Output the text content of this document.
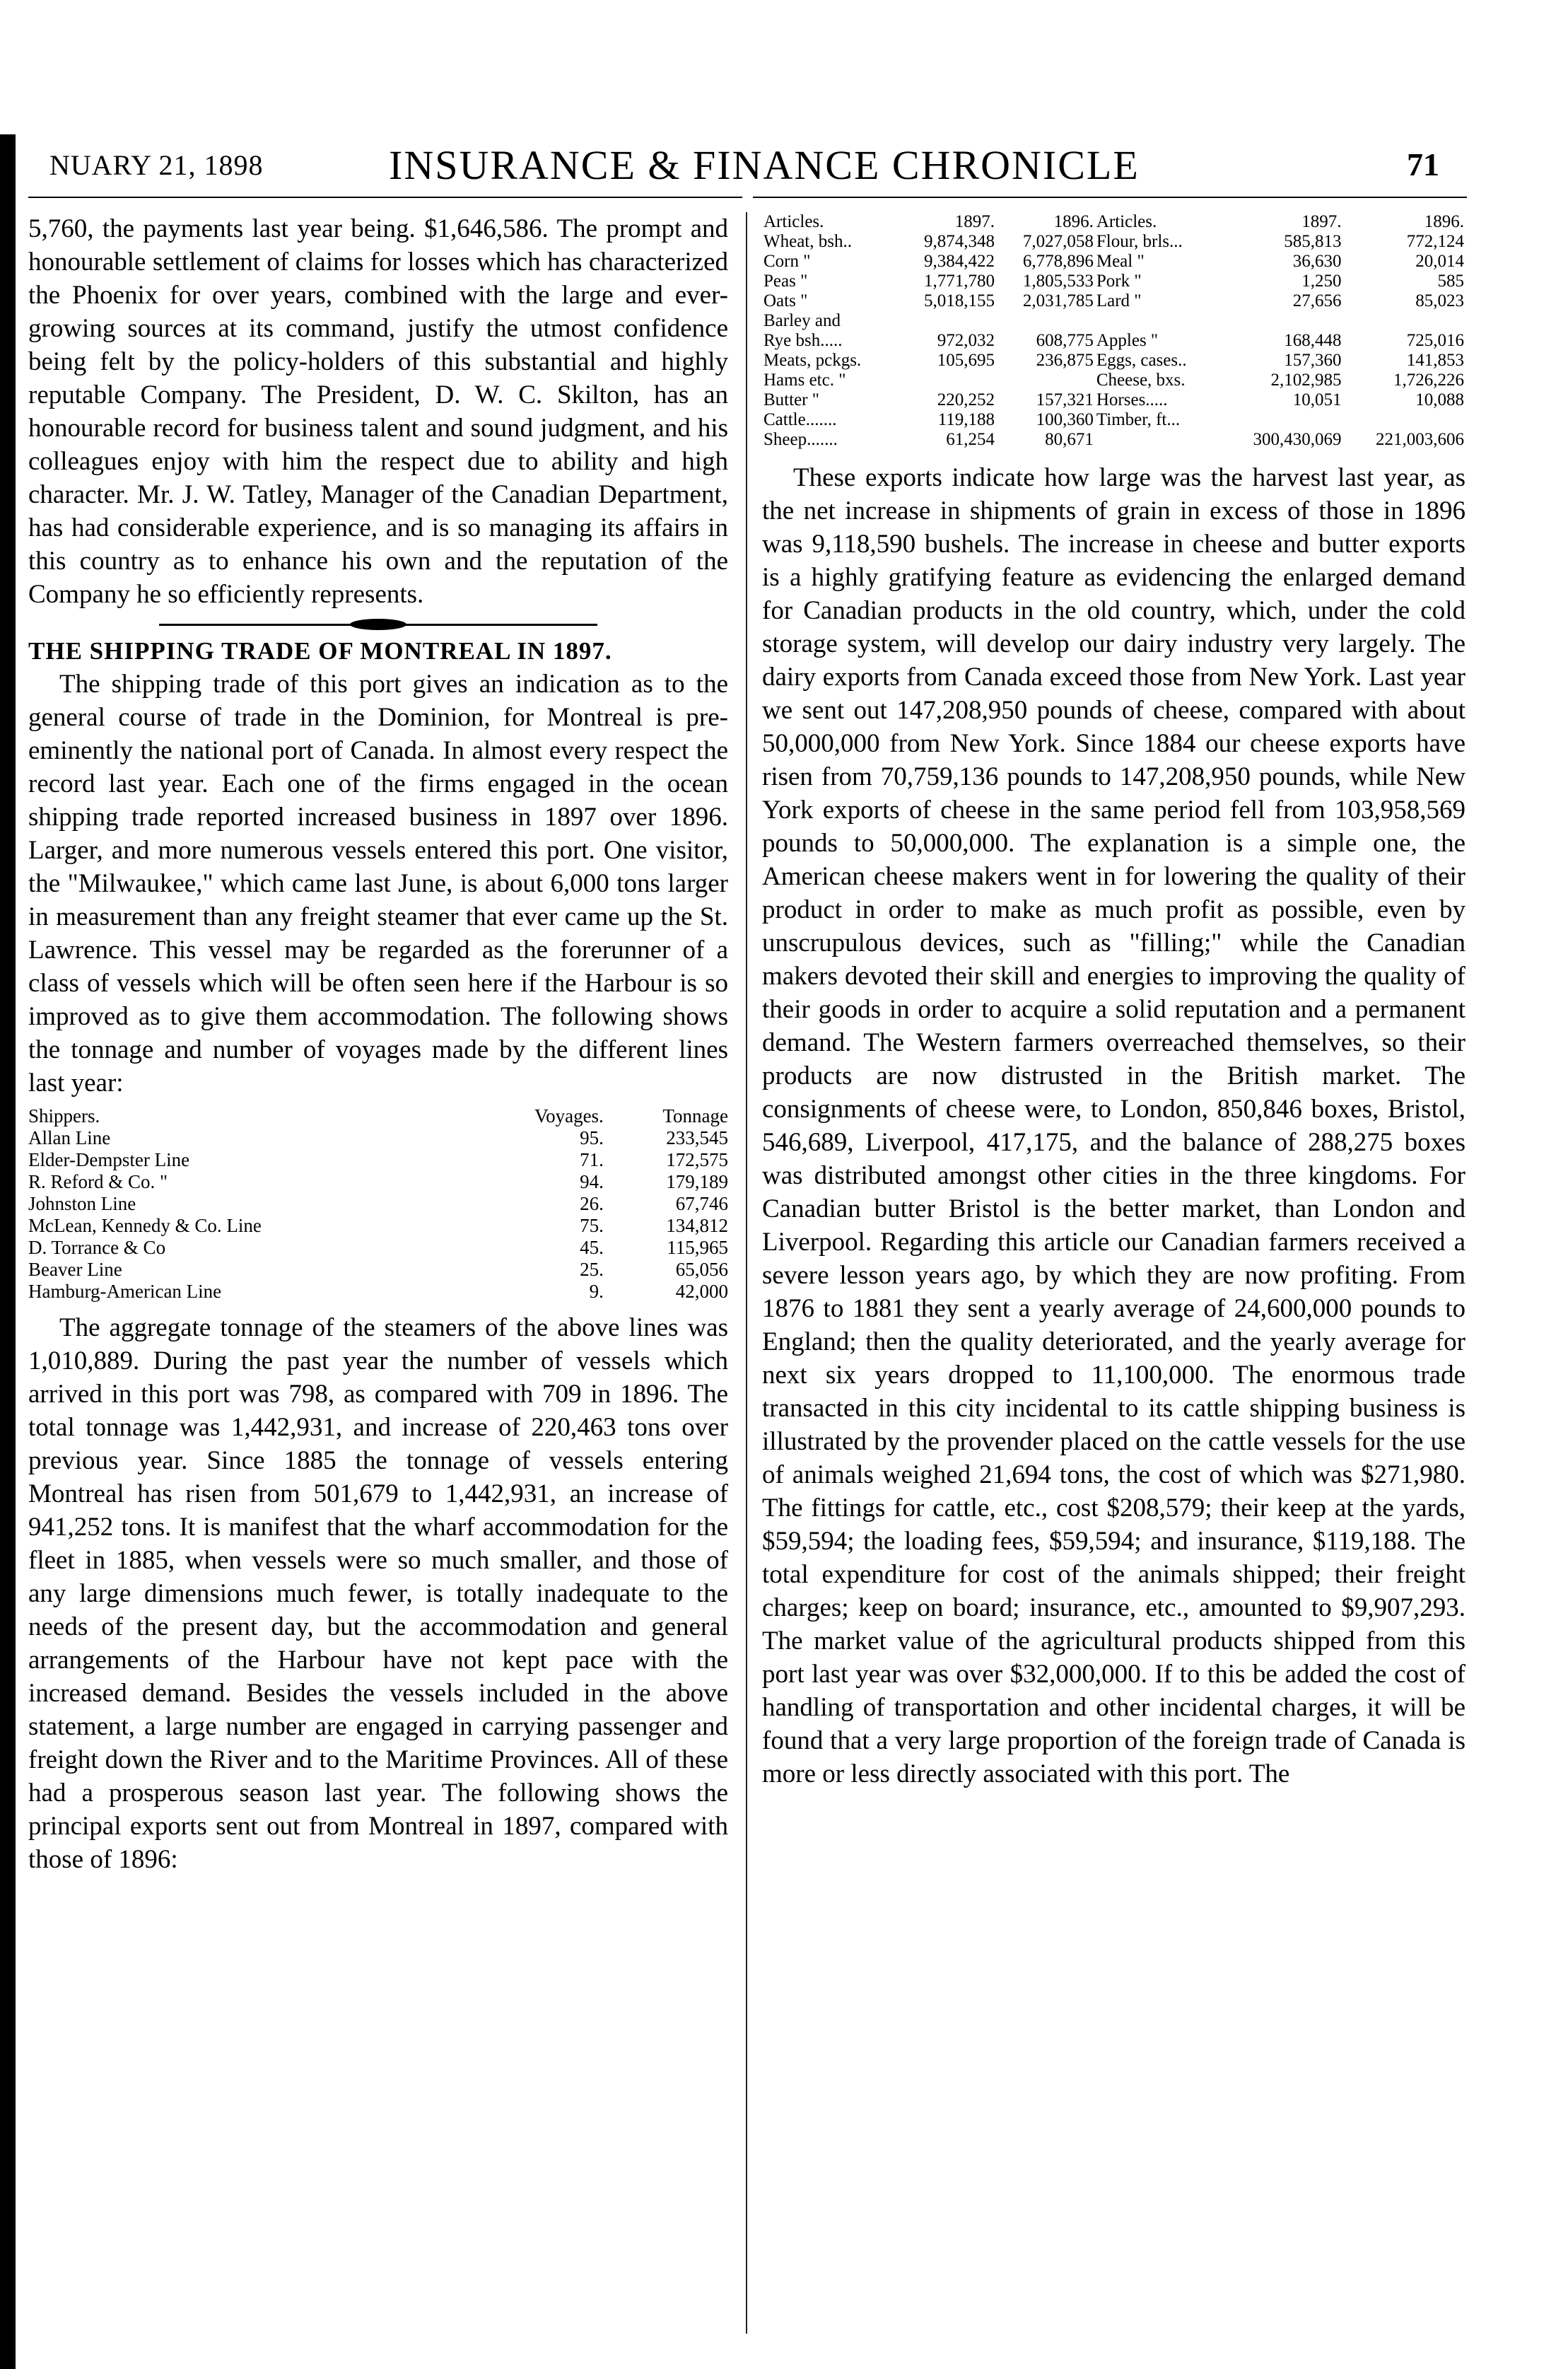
NUARY 21, 1898	INSURANCE & FINANCE CHRONICLE	71

5,760, the payments last year being. $1,646,586. The prompt and honourable settlement of claims for losses which has characterized the Phoenix for over years, combined with the large and ever-growing sources at its command, justify the utmost confidence being felt by the policy-holders of this substantial and highly reputable Company. The President, D. W. C. Skilton, has an honourable record for business talent and sound judgment, and his colleagues enjoy with him the respect due to ability and high character. Mr. J. W. Tatley, Manager of the Canadian Department, has had considerable experience, and is so managing its affairs in this country as to enhance his own and the reputation of the Company he so efficiently represents.

THE SHIPPING TRADE OF MONTREAL IN 1897.

The shipping trade of this port gives an indication as to the general course of trade in the Dominion, for Montreal is pre-eminently the national port of Canada. In almost every respect the record last year. Each one of the firms engaged in the ocean shipping trade reported increased business in 1897 over 1896. Larger, and more numerous vessels entered this port. One visitor, the "Milwaukee," which came last June, is about 6,000 tons larger in measurement than any freight steamer that ever came up the St. Lawrence. This vessel may be regarded as the forerunner of a class of vessels which will be often seen here if the Harbour is so improved as to give them accommodation. The following shows the tonnage and number of voyages made by the different lines last year:

Shippers.	Voyages.	Tonnage
Allan Line	95.	233,545
Elder-Dempster Line	71.	172,575
R. Reford & Co. "	94.	179,189
Johnston Line	26.	67,746
McLean, Kennedy & Co. Line	75.	134,812
D. Torrance & Co	45.	115,965
Beaver Line	25.	65,056
Hamburg-American Line	9.	42,000

The aggregate tonnage of the steamers of the above lines was 1,010,889. During the past year the number of vessels which arrived in this port was 798, as compared with 709 in 1896. The total tonnage was 1,442,931, and increase of 220,463 tons over previous year. Since 1885 the tonnage of vessels entering Montreal has risen from 501,679 to 1,442,931, an increase of 941,252 tons. It is manifest that the wharf accommodation for the fleet in 1885, when vessels were so much smaller, and those of any large dimensions much fewer, is totally inadequate to the needs of the present day, but the accommodation and general arrangements of the Harbour have not kept pace with the increased demand. Besides the vessels included in the above statement, a large number are engaged in carrying passenger and freight down the River and to the Maritime Provinces. All of these had a prosperous season last year. The following shows the principal exports sent out from Montreal in 1897, compared with those of 1896:

Articles.	1897.	1896.	Articles.	1897.	1896.
Wheat, bsh..	9,874,348	7,027,058	Flour, brls...	585,813	772,124
Corn "	9,384,422	6,778,896	Meal "	36,630	20,014
Peas "	1,771,780	1,805,533	Pork "	1,250	585
Oats "	5,018,155	2,031,785	Lard "	27,656	85,023
Barley and					
Rye bsh.....	972,032	608,775	Apples "	168,448	725,016
Meats, pckgs.	105,695	236,875	Eggs, cases..	157,360	141,853
Hams etc. "			Cheese, bxs.	2,102,985	1,726,226
Butter "	220,252	157,321	Horses.....	10,051	10,088
Cattle.......	119,188	100,360	Timber, ft...		
Sheep.......	61,254	80,671		300,430,069	221,003,606

These exports indicate how large was the harvest last year, as the net increase in shipments of grain in excess of those in 1896 was 9,118,590 bushels. The increase in cheese and butter exports is a highly gratifying feature as evidencing the enlarged demand for Canadian products in the old country, which, under the cold storage system, will develop our dairy industry very largely. The dairy exports from Canada exceed those from New York. Last year we sent out 147,208,950 pounds of cheese, compared with about 50,000,000 from New York. Since 1884 our cheese exports have risen from 70,759,136 pounds to 147,208,950 pounds, while New York exports of cheese in the same period fell from 103,958,569 pounds to 50,000,000. The explanation is a simple one, the American cheese makers went in for lowering the quality of their product in order to make as much profit as possible, even by unscrupulous devices, such as "filling;" while the Canadian makers devoted their skill and energies to improving the quality of their goods in order to acquire a solid reputation and a permanent demand. The Western farmers overreached themselves, so their products are now distrusted in the British market. The consignments of cheese were, to London, 850,846 boxes, Bristol, 546,689, Liverpool, 417,175, and the balance of 288,275 boxes was distributed amongst other cities in the three kingdoms. For Canadian butter Bristol is the better market, than London and Liverpool. Regarding this article our Canadian farmers received a severe lesson years ago, by which they are now profiting. From 1876 to 1881 they sent a yearly average of 24,600,000 pounds to England; then the quality deteriorated, and the yearly average for next six years dropped to 11,100,000. The enormous trade transacted in this city incidental to its cattle shipping business is illustrated by the provender placed on the cattle vessels for the use of animals weighed 21,694 tons, the cost of which was $271,980. The fittings for cattle, etc., cost $208,579; their keep at the yards, $59,594; the loading fees, $59,594; and insurance, $119,188. The total expenditure for cost of the animals shipped; their freight charges; keep on board; insurance, etc., amounted to $9,907,293. The market value of the agricultural products shipped from this port last year was over $32,000,000. If to this be added the cost of handling of transportation and other incidental charges, it will be found that a very large proportion of the foreign trade of Canada is more or less directly associated with this port. The
